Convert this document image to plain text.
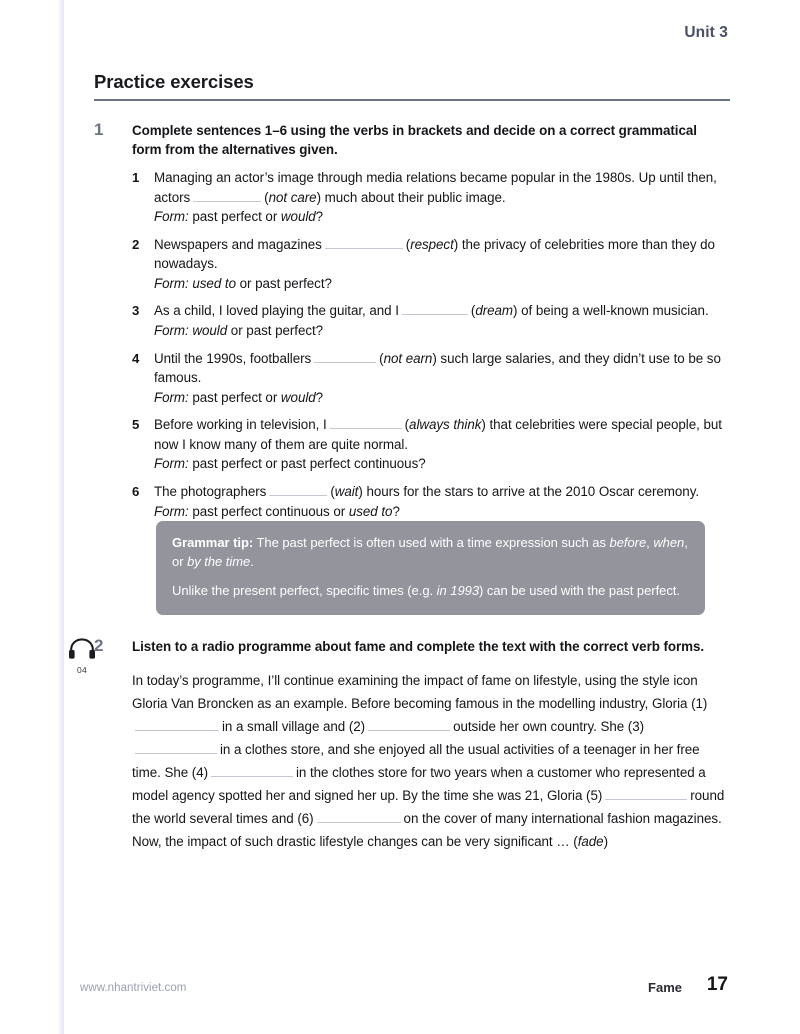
Unit 3
Practice exercises
1	Complete sentences 1–6 using the verbs in brackets and decide on a correct grammatical form from the alternatives given.
1 Managing an actor’s image through media relations became popular in the 1980s. Up until then, actors	(not care) much about their public image.
Form: past perfect or would?
2 Newspapers and magazines	(respect) the privacy of celebrities more than they do nowadays.
Form: used to or past perfect?
3 As a child, I loved playing the guitar, and I	(dream) of being a well-known musician.
Form: would or past perfect?
4 Until the 1990s, footballers	(not earn) such large salaries, and they didn’t use to be so famous.
Form: past perfect or would?
5 Before working in television, I	(always think) that celebrities were special people, but now I know many of them are quite normal.
Form: past perfect or past perfect continuous?
6 The photographers	(wait) hours for the stars to arrive at the 2010 Oscar ceremony.
Form: past perfect continuous or used to?

Grammar tip: The past perfect is often used with a time expression such as before, when, or by the time.

Unlike the present perfect, specific times (e.g. in 1993) can be used with the past perfect.

04
2	Listen to a radio programme about fame and complete the text with the correct verb forms.
In today’s programme, I’ll continue examining the impact of fame on lifestyle, using the style icon Gloria Van Broncken as an example. Before becoming famous in the modelling industry, Gloria (1)in a small village and (2)	outside her own country. She (3)in a clothes store, and she enjoyed all the usual activities of a teenager in her free time. She (4)	in the clothes store for two years when a customer who represented a model agency spotted her and signed her up. By the time she was 21, Gloria (5)	round the world several times and (6)	on the cover of many international fashion magazines. Now, the impact of such drastic lifestyle changes can be very significant … (fade)
www.nhantriviet.com	Fame 17
